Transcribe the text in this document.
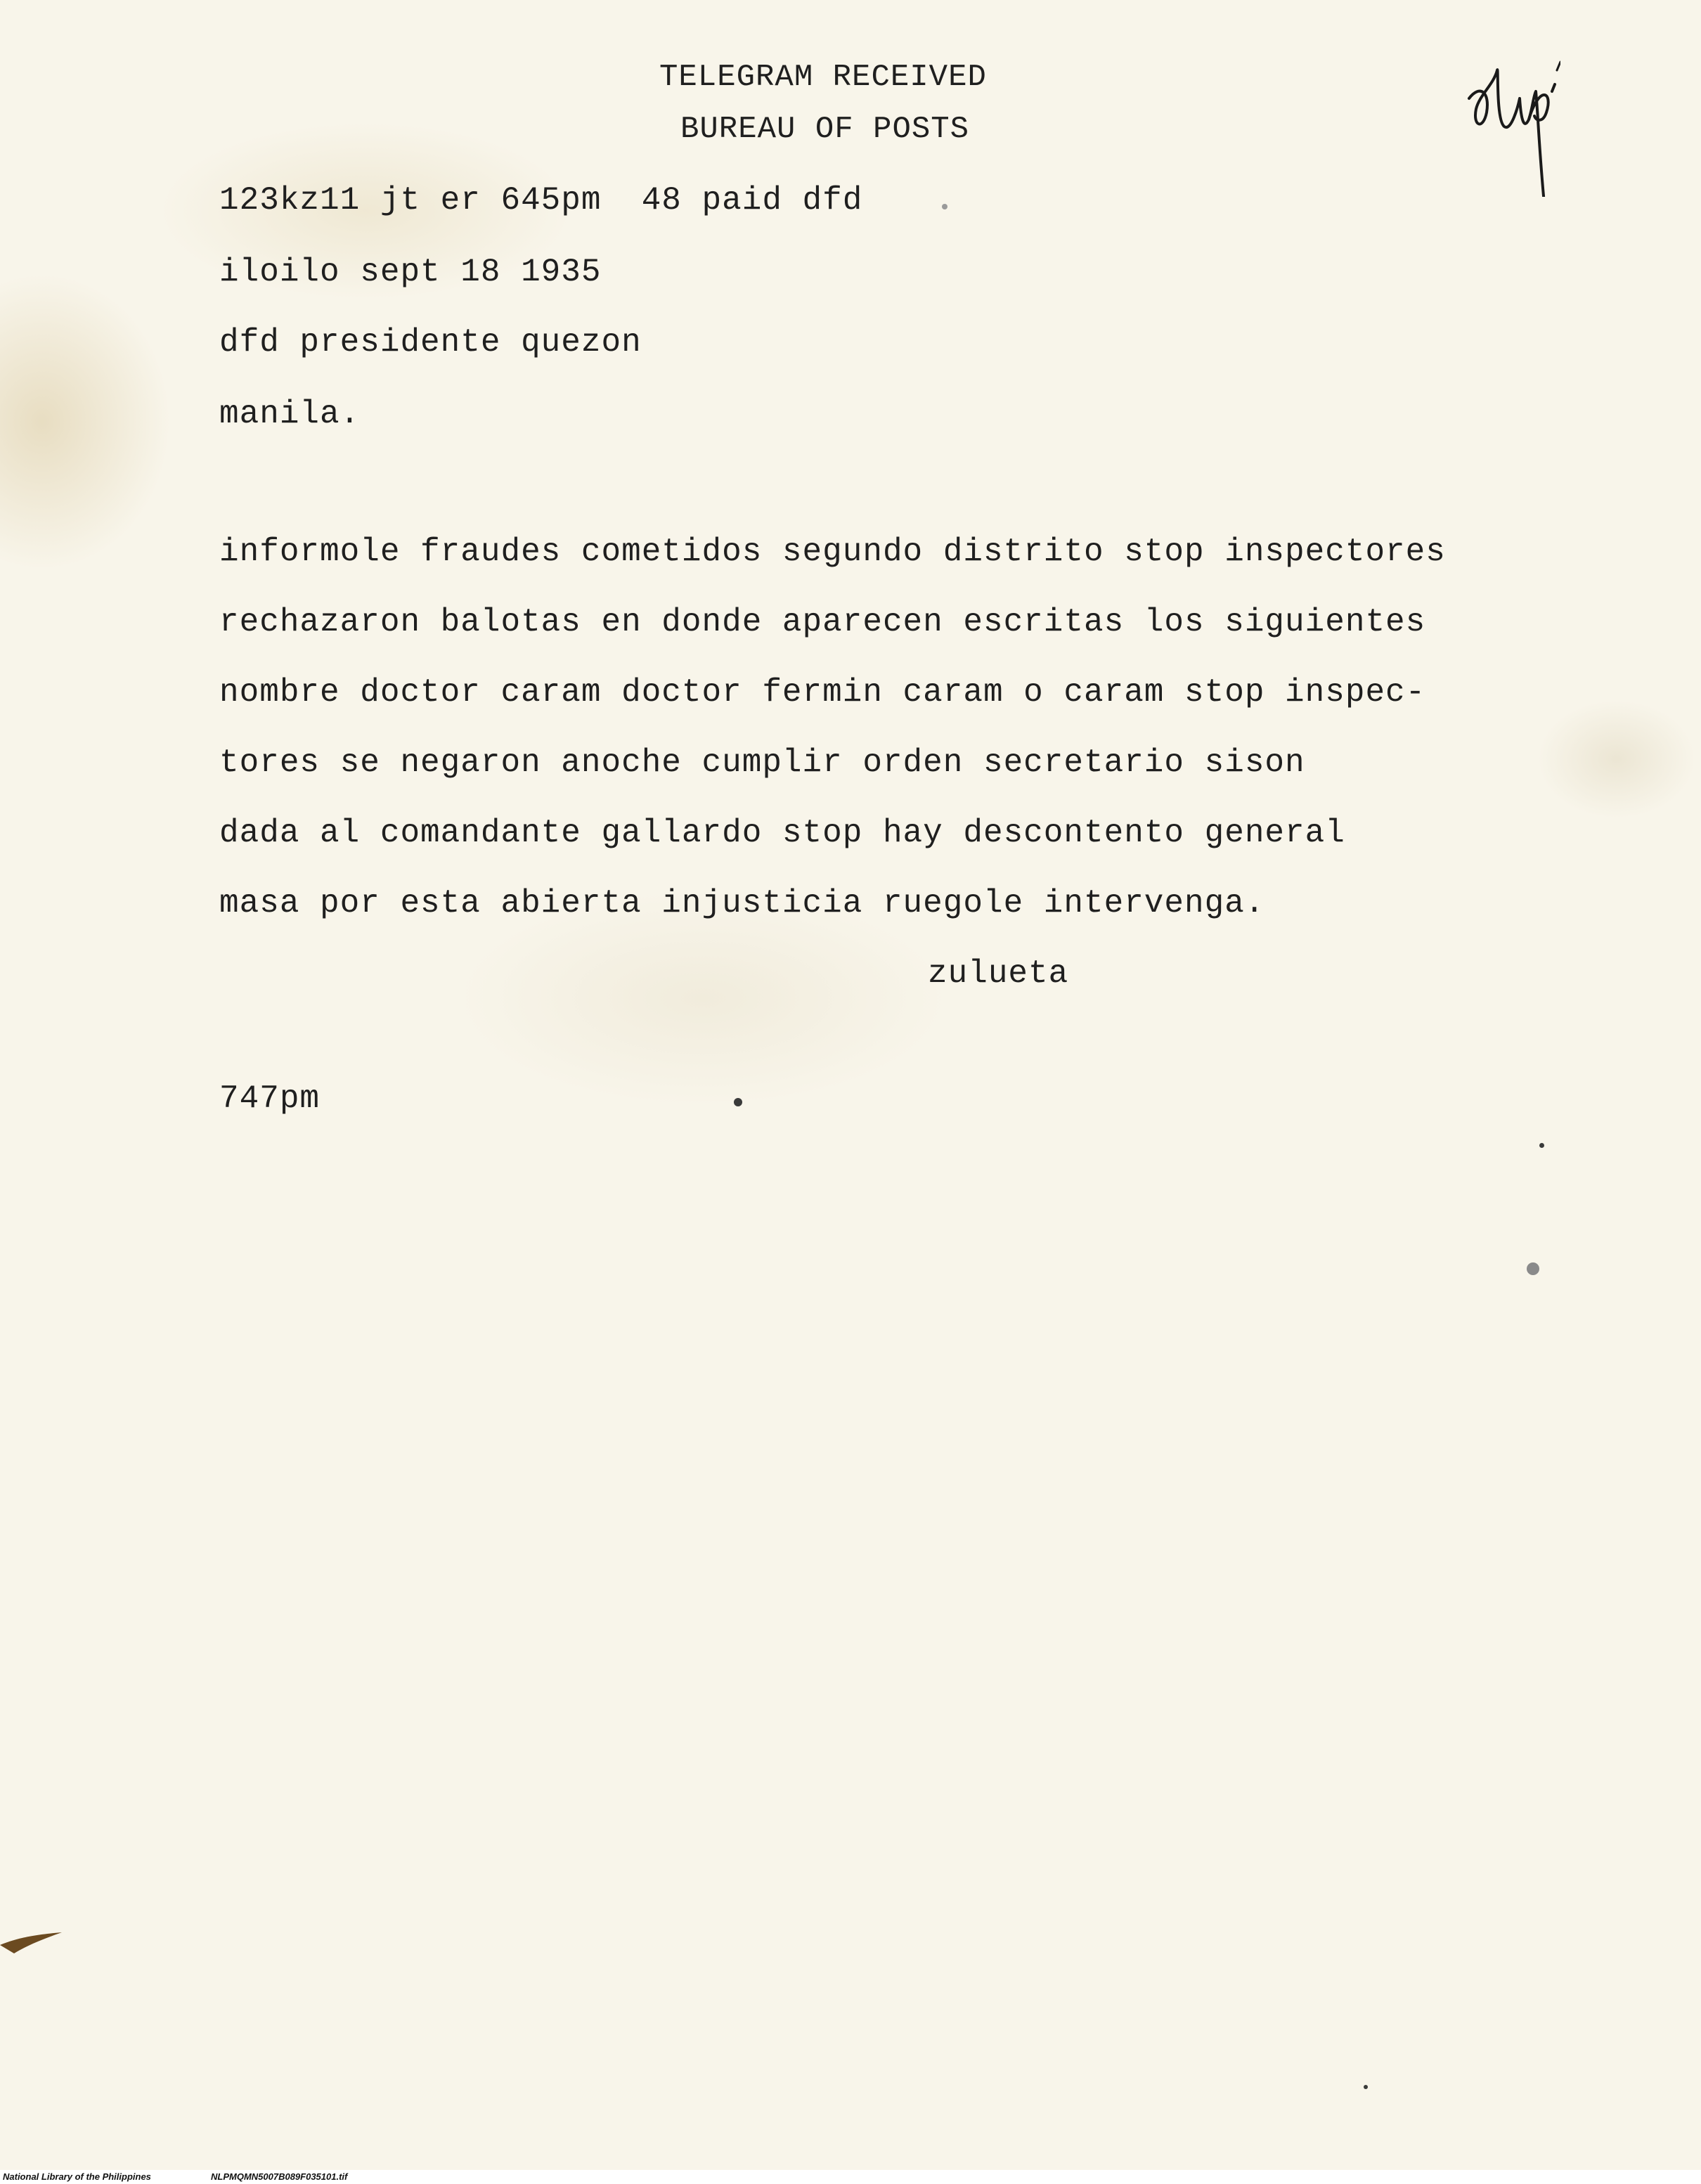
TELEGRAM RECEIVED
BUREAU OF POSTS
123kz11 jt er 645pm  48 paid dfd
iloilo sept 18 1935
dfd presidente quezon
manila.
informole fraudes cometidos segundo distrito stop inspectores
rechazaron balotas en donde aparecen escritas los siguientes
nombre doctor caram doctor fermin caram o caram stop inspec-
tores se negaron anoche cumplir orden secretario sison
dada al comandante gallardo stop hay descontento general
masa por esta abierta injusticia ruegole intervenga.
zulueta
747pm
National Library of the Philippines	NLPMQMN5007B089F035101.tif
